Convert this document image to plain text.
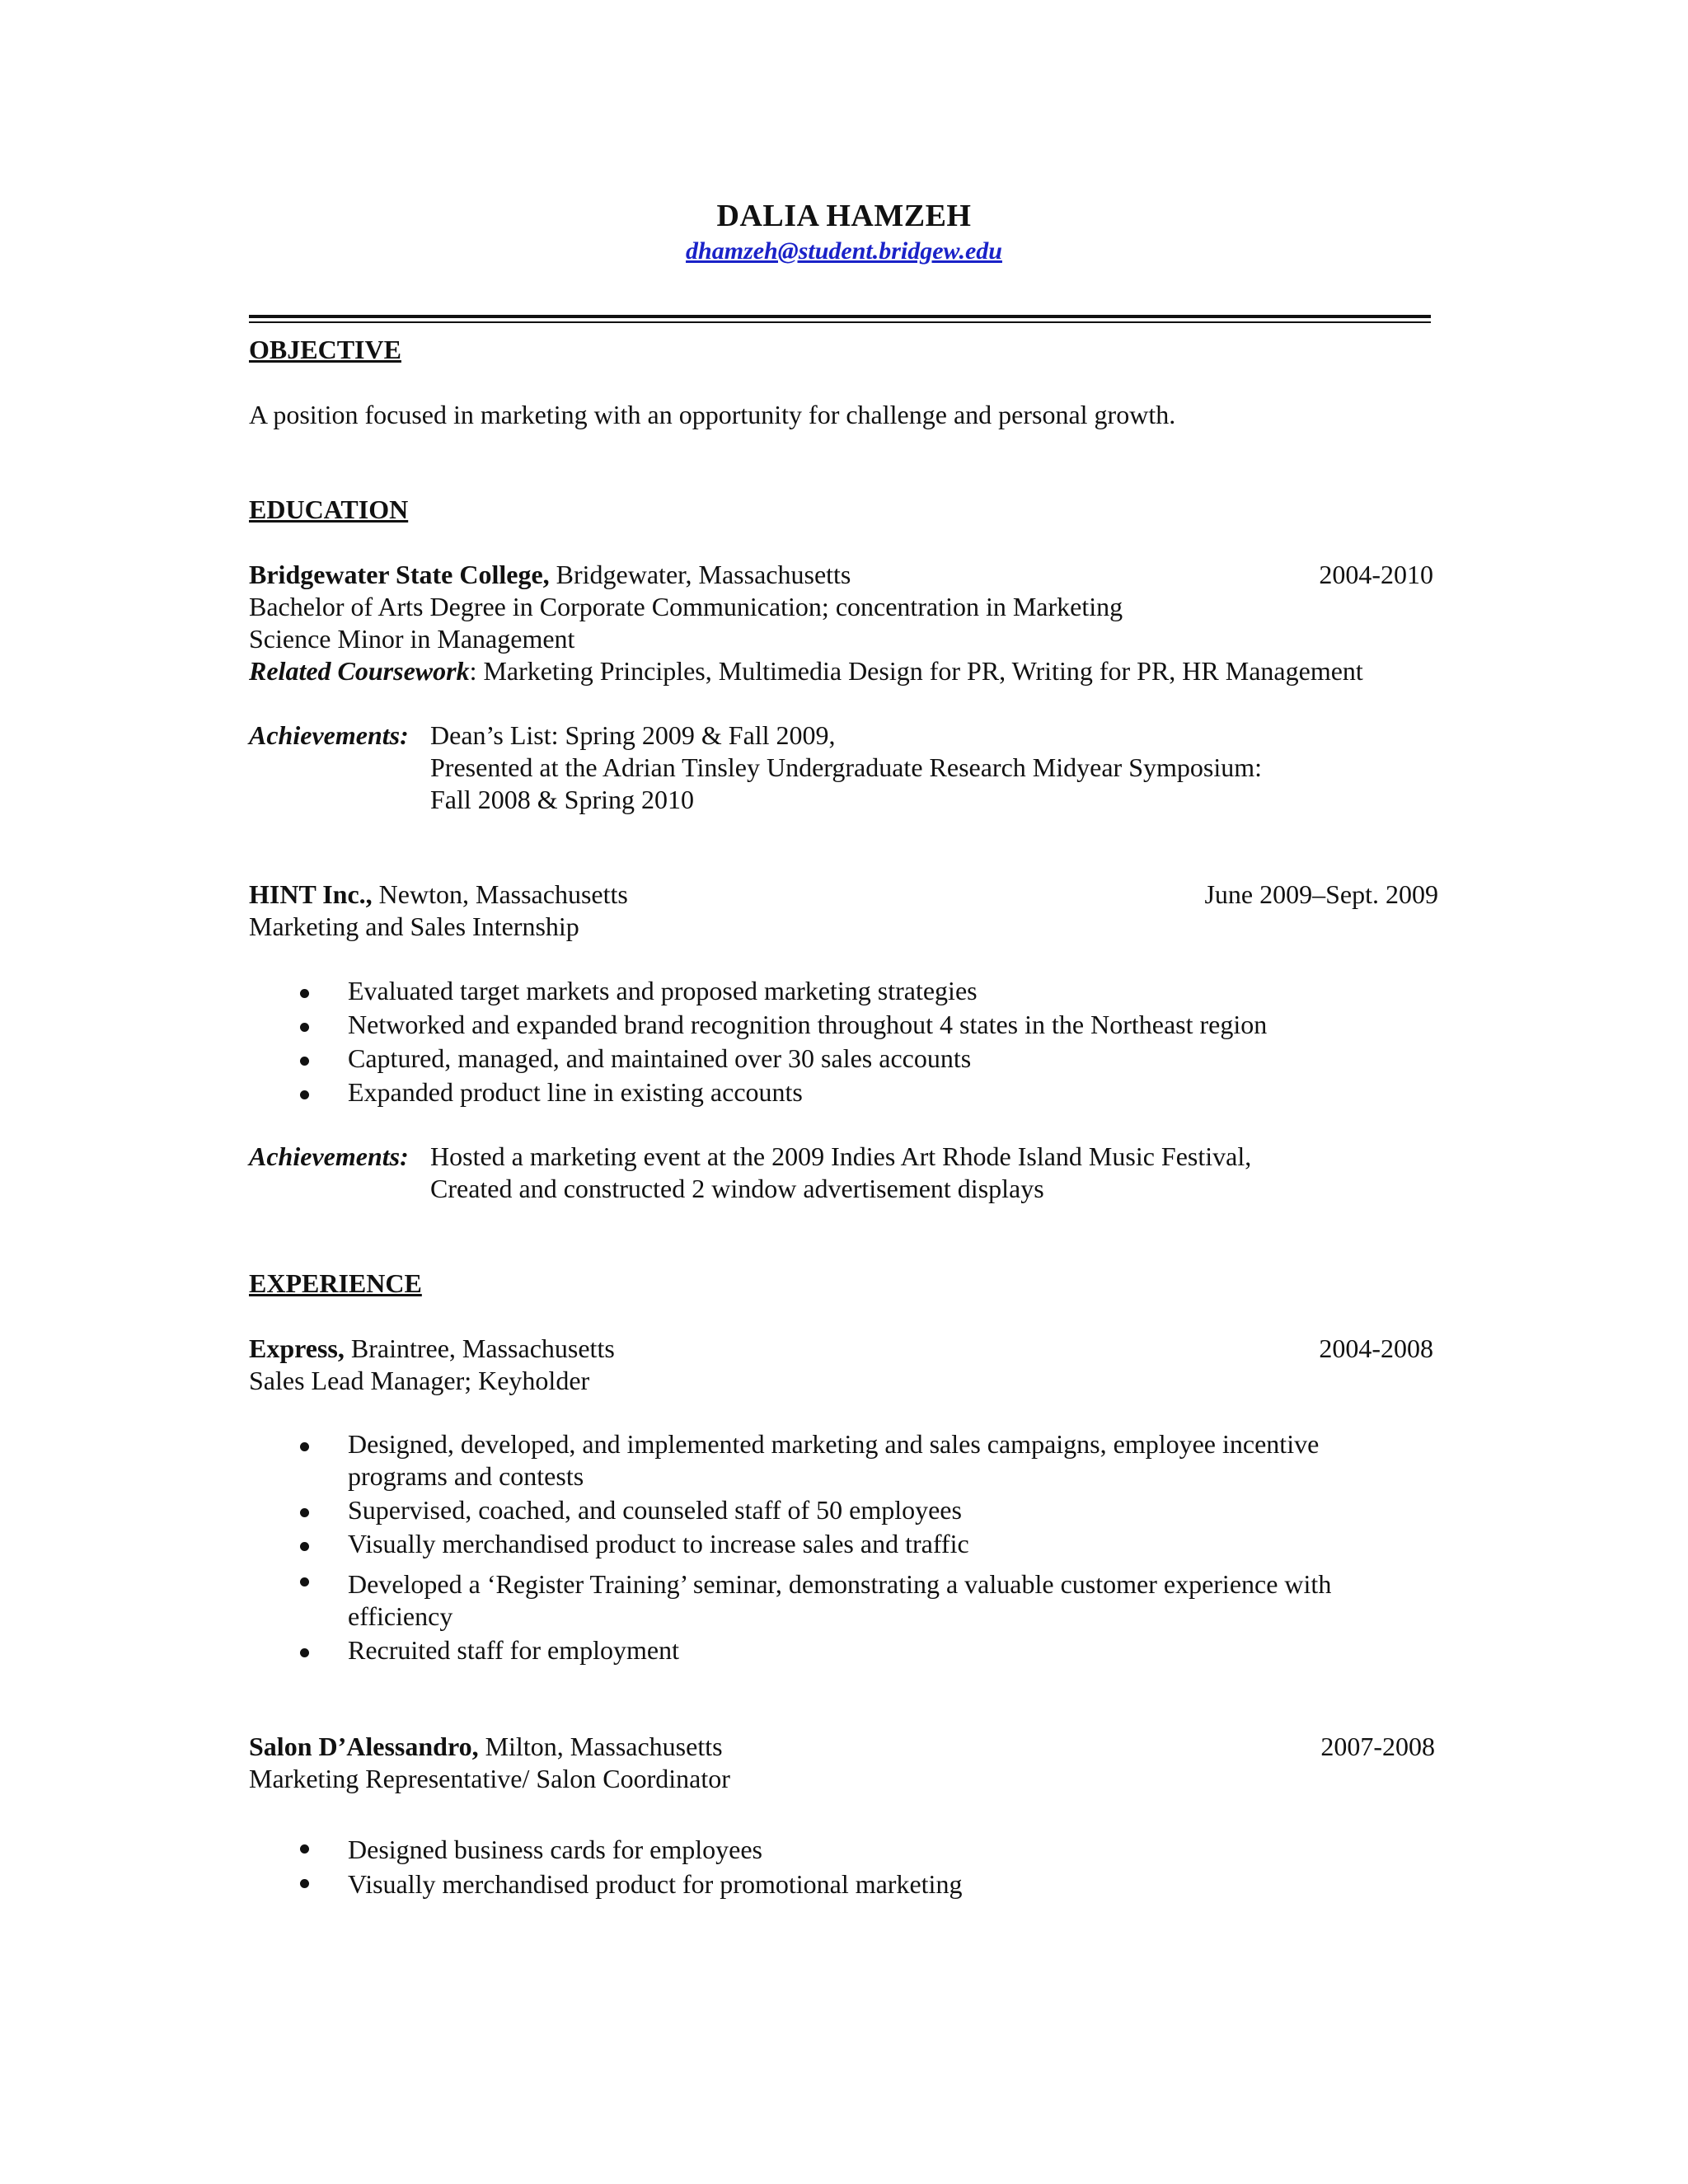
DALIA HAMZEH
dhamzeh@student.bridgew.edu
OBJECTIVE
A position focused in marketing with an opportunity for challenge and personal growth.
EDUCATION
Bridgewater State College, Bridgewater, Massachusetts	2004-2010
Bachelor of Arts Degree in Corporate Communication; concentration in Marketing
Science Minor in Management
Related Coursework: Marketing Principles, Multimedia Design for PR, Writing for PR, HR Management
Achievements: Dean’s List: Spring 2009 & Fall 2009,
Presented at the Adrian Tinsley Undergraduate Research Midyear Symposium:
Fall 2008 & Spring 2010
HINT Inc., Newton, Massachusetts	June 2009–Sept. 2009
Marketing and Sales Internship
Evaluated target markets and proposed marketing strategies
Networked and expanded brand recognition throughout 4 states in the Northeast region
Captured, managed, and maintained over 30 sales accounts
Expanded product line in existing accounts
Achievements: Hosted a marketing event at the 2009 Indies Art Rhode Island Music Festival,
Created and constructed 2 window advertisement displays
EXPERIENCE
Express, Braintree, Massachusetts	2004-2008
Sales Lead Manager; Keyholder
Designed, developed, and implemented marketing and sales campaigns, employee incentive
programs and contests
Supervised, coached, and counseled staff of 50 employees
Visually merchandised product to increase sales and traffic
Developed a ‘Register Training’ seminar, demonstrating a valuable customer experience with
efficiency
Recruited staff for employment
Salon D’Alessandro, Milton, Massachusetts	2007-2008
Marketing Representative/ Salon Coordinator
Designed business cards for employees
Visually merchandised product for promotional marketing
